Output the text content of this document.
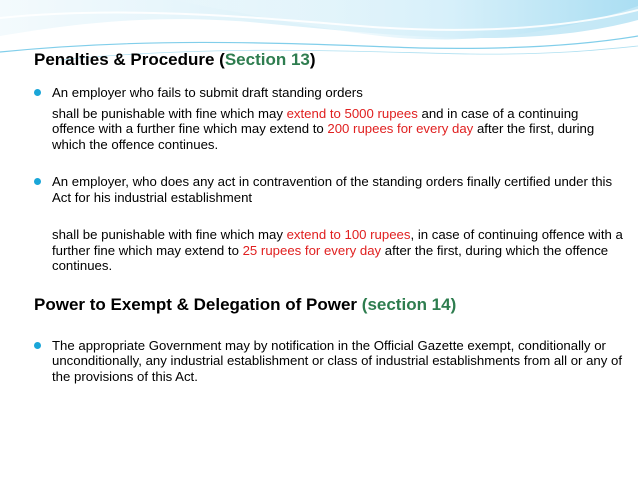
Penalties & Procedure (Section 13)

An employer who fails to submit draft standing orders
shall be punishable with fine which may extend to 5000 rupees and in case of a continuing offence with a further fine which may extend to 200 rupees for every day after the first, during which the offence continues.
An employer, who does any act in contravention of the standing orders finally certified under this Act for his industrial establishment
shall be punishable with fine which may extend to 100 rupees, in case of continuing offence with a further fine which may extend to 25 rupees for every day after the first, during which the offence continues.

Power to Exempt & Delegation of Power (section 14)

The appropriate Government may by notification in the Official Gazette exempt, conditionally or unconditionally, any industrial establishment or class of industrial establishments from all or any of the provisions of this Act.
